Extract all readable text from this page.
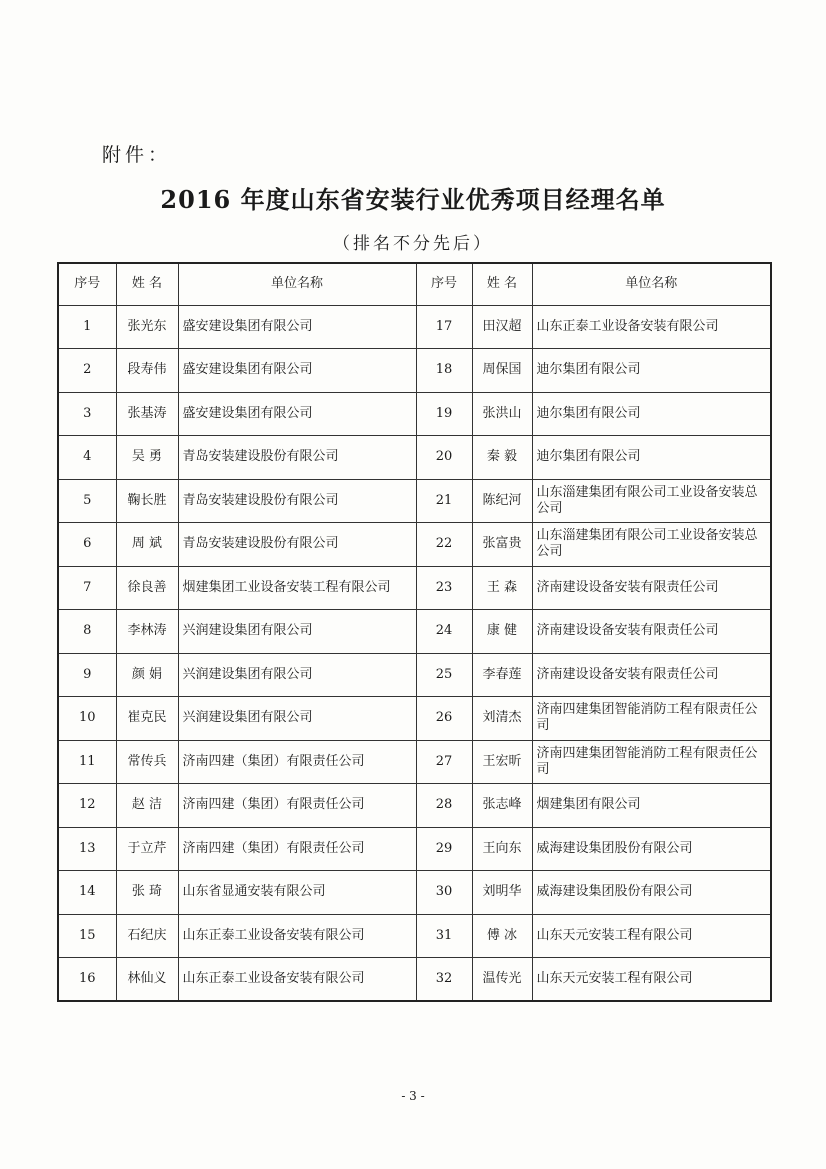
附件：
2016 年度山东省安装行业优秀项目经理名单
（排名不分先后）
序号	姓 名	单位名称	序号	姓 名	单位名称
1	张光东	盛安建设集团有限公司	17	田汉超	山东正泰工业设备安装有限公司
2	段寿伟	盛安建设集团有限公司	18	周保国	迪尔集团有限公司
3	张基涛	盛安建设集团有限公司	19	张洪山	迪尔集团有限公司
4	吴 勇	青岛安装建设股份有限公司	20	秦 毅	迪尔集团有限公司
5	鞠长胜	青岛安装建设股份有限公司	21	陈纪河	山东淄建集团有限公司工业设备安装总公司
6	周 斌	青岛安装建设股份有限公司	22	张富贵	山东淄建集团有限公司工业设备安装总公司
7	徐良善	烟建集团工业设备安装工程有限公司	23	王 森	济南建设设备安装有限责任公司
8	李林涛	兴润建设集团有限公司	24	康 健	济南建设设备安装有限责任公司
9	颜 娟	兴润建设集团有限公司	25	李春莲	济南建设设备安装有限责任公司
10	崔克民	兴润建设集团有限公司	26	刘清杰	济南四建集团智能消防工程有限责任公司
11	常传兵	济南四建（集团）有限责任公司	27	王宏昕	济南四建集团智能消防工程有限责任公司
12	赵 洁	济南四建（集团）有限责任公司	28	张志峰	烟建集团有限公司
13	于立芹	济南四建（集团）有限责任公司	29	王向东	威海建设集团股份有限公司
14	张 琦	山东省显通安装有限公司	30	刘明华	威海建设集团股份有限公司
15	石纪庆	山东正泰工业设备安装有限公司	31	傅 冰	山东天元安装工程有限公司
16	林仙义	山东正泰工业设备安装有限公司	32	温传光	山东天元安装工程有限公司
- 3 -
